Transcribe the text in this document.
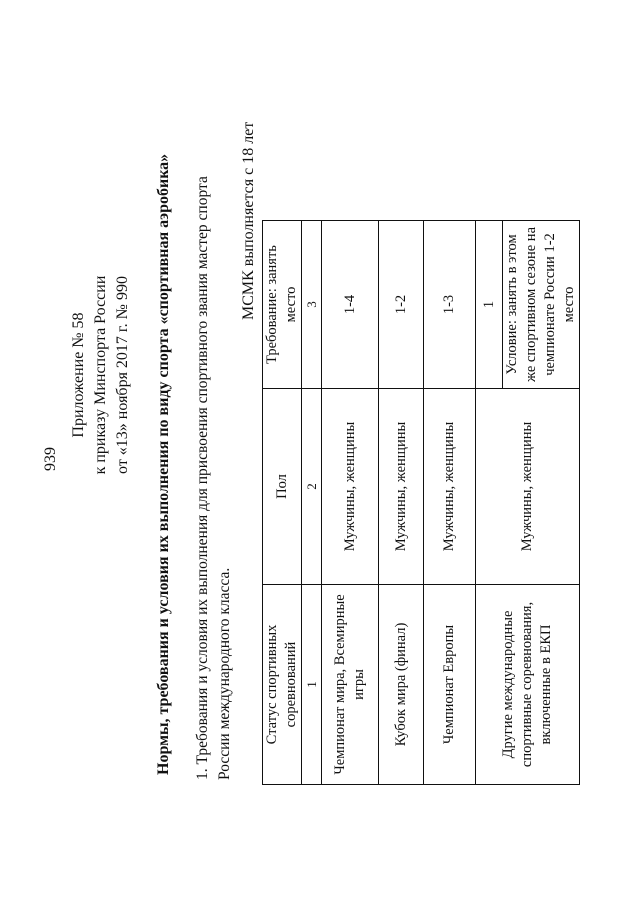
939
Приложение № 58 к приказу Минспорта России от «13» ноября 2017 г. № 990 Нормы, требования и условия их выполнения по виду спорта «спортивная аэробика» 1. Требования и условия их выполнения для присвоения спортивного звания мастер спорта России международного класса.
МСМК выполняется с 18 лет
Статус спортивных соревнований	Пол	Требование: занять место
1	2	3
Чемпионат мира, Всемирные игры	Мужчины, женщины	1-4
Кубок мира (финал)	Мужчины, женщины	1-2
Чемпионат Европы	Мужчины, женщины	1-3
Другие международные спортивные соревнования, включенные в ЕКП	Мужчины, женщины	1
		Условие: занять в этом же спортивном сезоне на чемпионате России 1-2 место
